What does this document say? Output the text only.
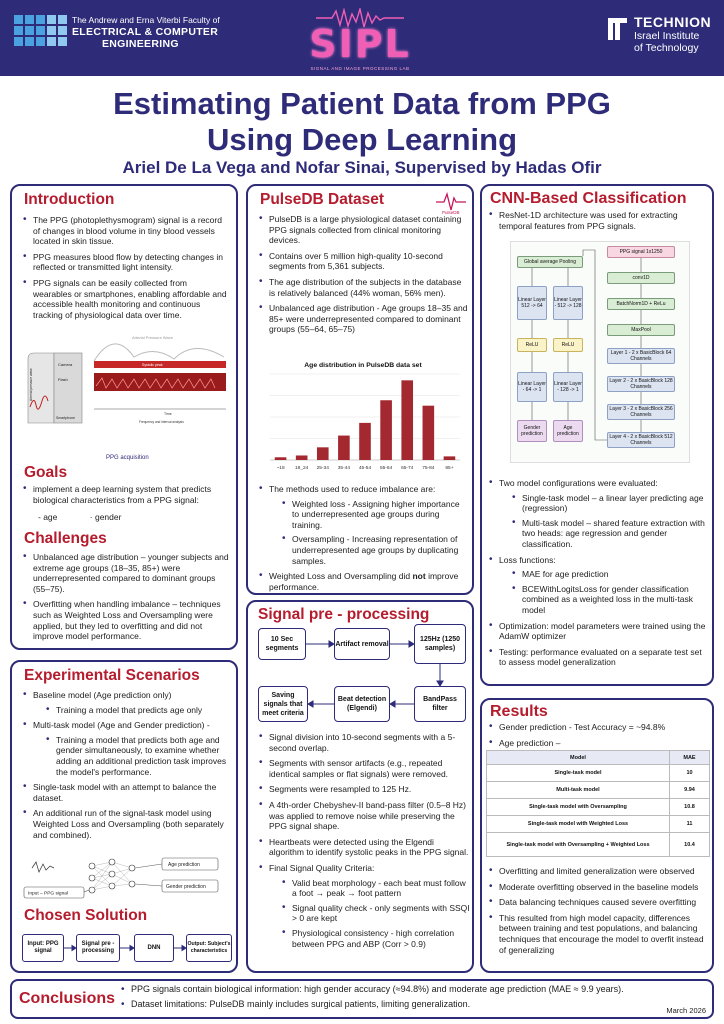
The Andrew and Erna Viterbi Faculty of
ELECTRICAL & COMPUTER
ENGINEERING	SIPL
SIGNAL AND IMAGE PROCESSING LAB
TECHNION
Israel Institute
of Technology
Estimating Patient Data from PPG
Using Deep Learning
Ariel De La Vega and Nofar Sinai, Supervised by Hadas Ofir
Introduction
• The PPG (photoplethysmogram) signal is a record of changes in blood volume in tiny blood vessels located in skin tissue.
• PPG measures blood flow by detecting changes in reflected or transmitted light intensity.
• PPG signals can be easily collected from wearables or smartphones, enabling affordable and accessible health monitoring and continuous tracking of physiological data over time.
Camera
Flash
Smartphone
Arterial pressure wave
Arterial Pressure Wave
Systolic peak
Time
Frequency and interval analysis
PPG acquisition
Goals
• implement a deep learning system that predicts biological characteristics from a PPG signal:
- age	· gender
Challenges
• Unbalanced age distribution – younger subjects and extreme age groups (18–35, 85+) were underrepresented compared to dominant groups (55–75).
• Overfitting when handling imbalance – techniques such as Weighted Loss and Oversampling were applied, but they led to overfitting and did not improve model performance.
Experimental Scenarios
• Baseline model (Age prediction only)
• Training a model that predicts age only
• Multi-task model (Age and Gender prediction) -
• Training a model that predicts both age and gender simultaneously, to examine whether adding an additional prediction task improves the model's performance.
• Single-task model with an attempt to balance the dataset.
• An additional run of the signal-task model using Weighted Loss and Oversampling (both separately and combined).
Input – PPG signal
Age prediction
Gender prediction
Chosen Solution
Input: PPG signal
Signal pre - processing
DNN
Output: Subject's characteristics
PulseDB Dataset
PulseDB
• PulseDB is a large physiological dataset containing PPG signals collected from clinical monitoring devices.
• Contains over 5 million high-quality 10-second segments from 5,361 subjects.
• The age distribution of the subjects in the database is relatively balanced (44% woman, 56% men).
• Unbalanced age distribution - Age groups 18–35 and 85+ were underrepresented compared to dominant groups (55–64, 65–75)
Age distribution in PulseDB data set
~18 18_24 25-34 35-44 45-54 55-64 65-74 75-84 85+
• The methods used to reduce imbalance are:
• Weighted loss - Assigning higher importance to underrepresented age groups during training.
• Oversampling - Increasing representation of underrepresented age groups by duplicating samples.
• Weighted Loss and Oversampling did not improve performance.
Signal pre - processing
10 Sec segments
Artifact removal
125Hz (1250 samples)
Saving signals that meet criteria
Beat detection (Elgendi)
BandPass filter
• Signal division into 10-second segments with a 5-second overlap.
• Segments with sensor artifacts (e.g., repeated identical samples or flat signals) were removed.
• Segments were resampled to 125 Hz.
• A 4th-order Chebyshev-II band-pass filter (0.5–8 Hz) was applied to remove noise while preserving the PPG signal shape.
• Heartbeats were detected using the Elgendi algorithm to identify systolic peaks in the PPG signal.
• Final Signal Quality Criteria:
• Valid beat morphology - each beat must follow a foot → peak → foot pattern
• Signal quality check - only segments with SSQI > 0 are kept
• Physiological consistency - high correlation between PPG and ABP (Corr > 0.9)
CNN-Based Classification
• ResNet-1D architecture was used for extracting temporal features from PPG signals.
PPG signal 1x1250
conv1D
BatchNorm1D + ReLu
MaxPool
Layer 1 - 2 x BasicBlock 64 Channels
Layer 2 - 2 x BasicBlock 128 Channels
Layer 3 - 2 x BasicBlock 256 Channels
Layer 4 - 2 x BasicBlock 512 Channels
Global average Pooling
Linear Layer 512 -> 64
Linear Layer - 512 -> 128
ReLU	ReLU
Linear Layer - 64 -> 1
Linear Layer - 128 -> 1
Gender prediction
Age prediction
• Two model configurations were evaluated:
• Single-task model – a linear layer predicting age (regression)
• Multi-task model – shared feature extraction with two heads: age regression and gender classification.
• Loss functions:
• MAE for age prediction
• BCEWithLogitsLoss for gender classification combined as a weighted loss in the multi-task model
• Optimization: model parameters were trained using the AdamW optimizer
• Testing: performance evaluated on a separate test set to assess model generalization
Results
• Gender prediction - Test Accuracy = ~94.8%
• Age prediction –
Model	MAE
Single-task model	10
Multi-task model	9.94
Single-task model with Oversampling	10.8
Single-task model with Weighted Loss	11
Single-task model with Oversampling + Weighted Loss	10.4
• Overfitting and limited generalization were observed
• Moderate overfitting observed in the baseline models
• Data balancing techniques caused severe overfitting
• This resulted from high model capacity, differences between training and test populations, and balancing techniques that encourage the model to overfit instead of generalizing
Conclusions
• PPG signals contain biological information: high gender accuracy (≈94.8%) and moderate age prediction (MAE ≈ 9.9 years).
• Dataset limitations: PulseDB mainly includes surgical patients, limiting generalization.
March 2026
